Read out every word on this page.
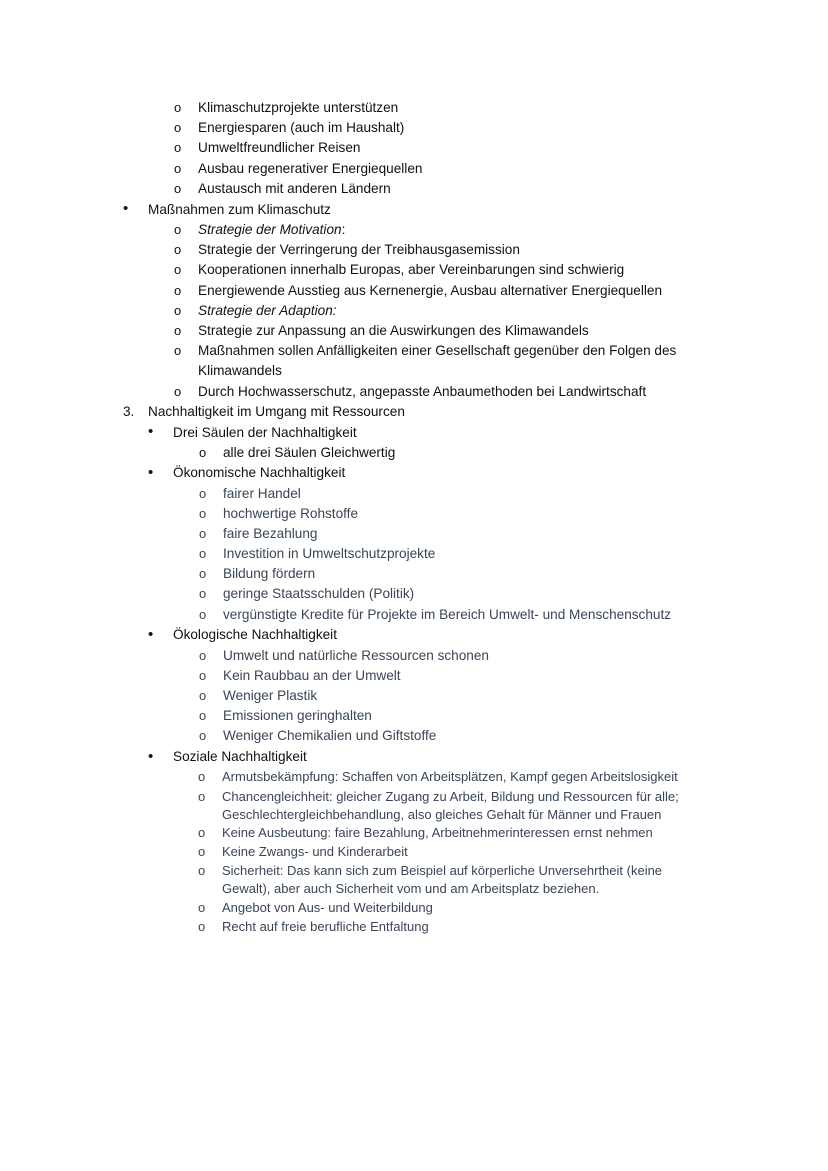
o Klimaschutzprojekte unterstützen
o Energiesparen (auch im Haushalt)
o Umweltfreundlicher Reisen
o Ausbau regenerativer Energiequellen
o Austausch mit anderen Ländern
• Maßnahmen zum Klimaschutz
o Strategie der Motivation:
o Strategie der Verringerung der Treibhausgasemission
o Kooperationen innerhalb Europas, aber Vereinbarungen sind schwierig
o Energiewende Ausstieg aus Kernenergie, Ausbau alternativer Energiequellen
o Strategie der Adaption:
o Strategie zur Anpassung an die Auswirkungen des Klimawandels
o Maßnahmen sollen Anfälligkeiten einer Gesellschaft gegenüber den Folgen des
Klimawandels
o Durch Hochwasserschutz, angepasste Anbaumethoden bei Landwirtschaft
3. Nachhaltigkeit im Umgang mit Ressourcen
• Drei Säulen der Nachhaltigkeit
o alle drei Säulen Gleichwertig
• Ökonomische Nachhaltigkeit
o fairer Handel
o hochwertige Rohstoffe
o faire Bezahlung
o Investition in Umweltschutzprojekte
o Bildung fördern
o geringe Staatsschulden (Politik)
o vergünstigte Kredite für Projekte im Bereich Umwelt- und Menschenschutz
• Ökologische Nachhaltigkeit
o Umwelt und natürliche Ressourcen schonen
o Kein Raubbau an der Umwelt
o Weniger Plastik
o Emissionen geringhalten
o Weniger Chemikalien und Giftstoffe
• Soziale Nachhaltigkeit
o Armutsbekämpfung: Schaffen von Arbeitsplätzen, Kampf gegen Arbeitslosigkeit
o Chancengleichheit: gleicher Zugang zu Arbeit, Bildung und Ressourcen für alle;
Geschlechtergleichbehandlung, also gleiches Gehalt für Männer und Frauen
o Keine Ausbeutung: faire Bezahlung, Arbeitnehmerinteressen ernst nehmen
o Keine Zwangs- und Kinderarbeit
o Sicherheit: Das kann sich zum Beispiel auf körperliche Unversehrtheit (keine
Gewalt), aber auch Sicherheit vom und am Arbeitsplatz beziehen.
o Angebot von Aus- und Weiterbildung
o Recht auf freie berufliche Entfaltung
